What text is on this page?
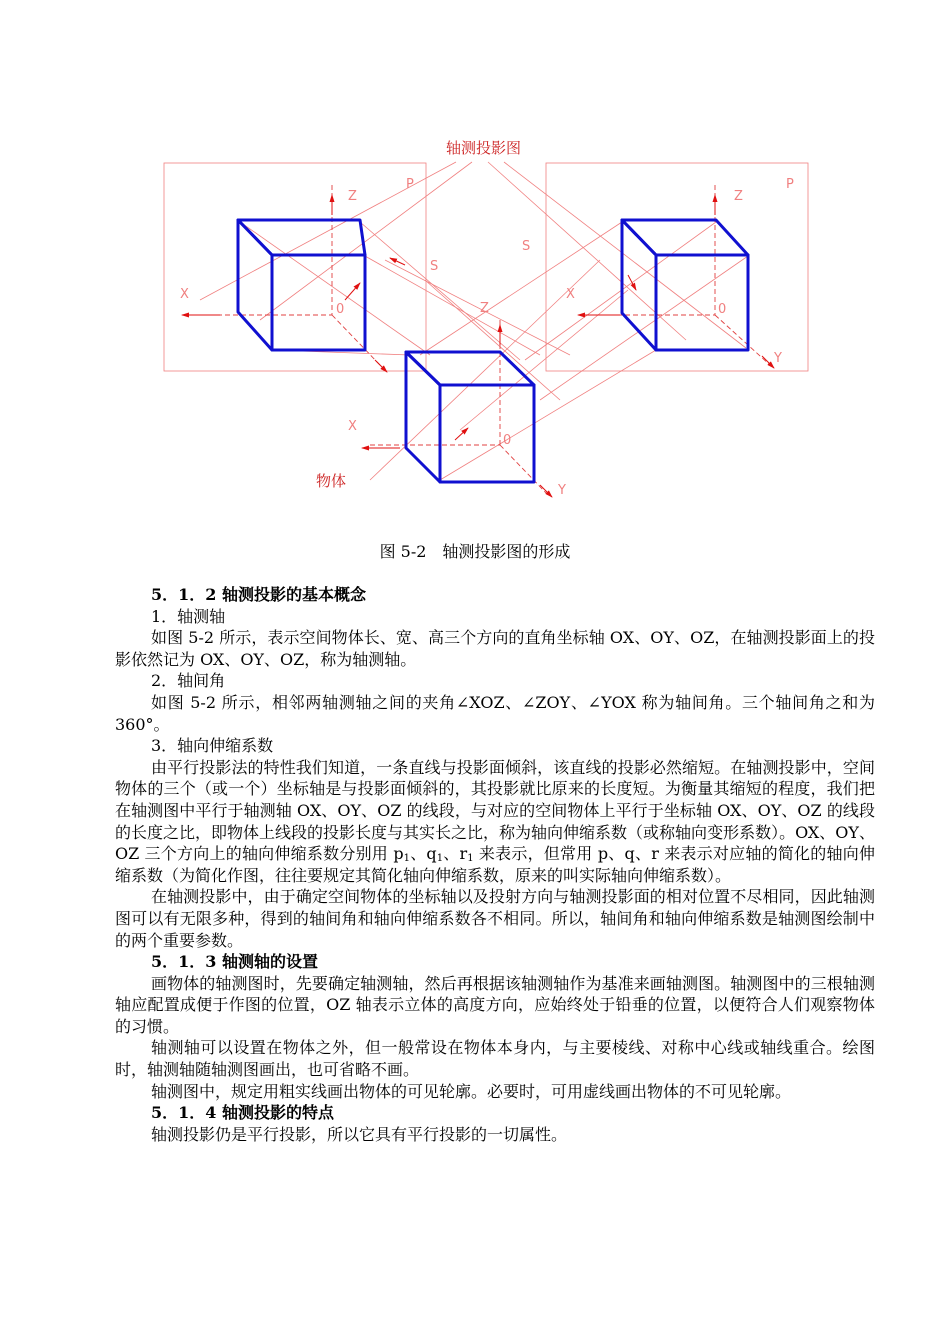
轴测投影图
物体
Z
P
X
0
S
Z
P
X
0
Y
S
Z
X
0
Y
图 5-2　轴测投影图的形成

5．1．2 轴测投影的基本概念

1．轴测轴

如图 5-2 所示，表示空间物体长、宽、高三个方向的直角坐标轴 OX、OY、OZ，在轴测投影面上的投影依然记为 OX、OY、OZ，称为轴测轴。

2．轴间角

如图 5-2 所示，相邻两轴测轴之间的夹角∠XOZ、∠ZOY、∠YOX 称为轴间角。三个轴间角之和为 360°。

3．轴向伸缩系数

由平行投影法的特性我们知道，一条直线与投影面倾斜，该直线的投影必然缩短。在轴测投影中，空间物体的三个（或一个）坐标轴是与投影面倾斜的，其投影就比原来的长度短。为衡量其缩短的程度，我们把在轴测图中平行于轴测轴 OX、OY、OZ 的线段，与对应的空间物体上平行于坐标轴 OX、OY、OZ 的线段的长度之比，即物体上线段的投影长度与其实长之比，称为轴向伸缩系数（或称轴向变形系数）。OX、OY、OZ 三个方向上的轴向伸缩系数分别用 $p_1$、$q_1$、$r_1$ 来表示，但常用 p、q、r 来表示对应轴的简化的轴向伸缩系数（为简化作图，往往要规定其简化轴向伸缩系数，原来的叫实际轴向伸缩系数）。

在轴测投影中，由于确定空间物体的坐标轴以及投射方向与轴测投影面的相对位置不尽相同，因此轴测图可以有无限多种，得到的轴间角和轴向伸缩系数各不相同。所以，轴间角和轴向伸缩系数是轴测图绘制中的两个重要参数。

5．1．3 轴测轴的设置

画物体的轴测图时，先要确定轴测轴，然后再根据该轴测轴作为基准来画轴测图。轴测图中的三根轴测轴应配置成便于作图的位置，OZ 轴表示立体的高度方向，应始终处于铅垂的位置，以便符合人们观察物体的习惯。

轴测轴可以设置在物体之外，但一般常设在物体本身内，与主要棱线、对称中心线或轴线重合。绘图时，轴测轴随轴测图画出，也可省略不画。

轴测图中，规定用粗实线画出物体的可见轮廓。必要时，可用虚线画出物体的不可见轮廓。

5．1．4 轴测投影的特点

轴测投影仍是平行投影，所以它具有平行投影的一切属性。
